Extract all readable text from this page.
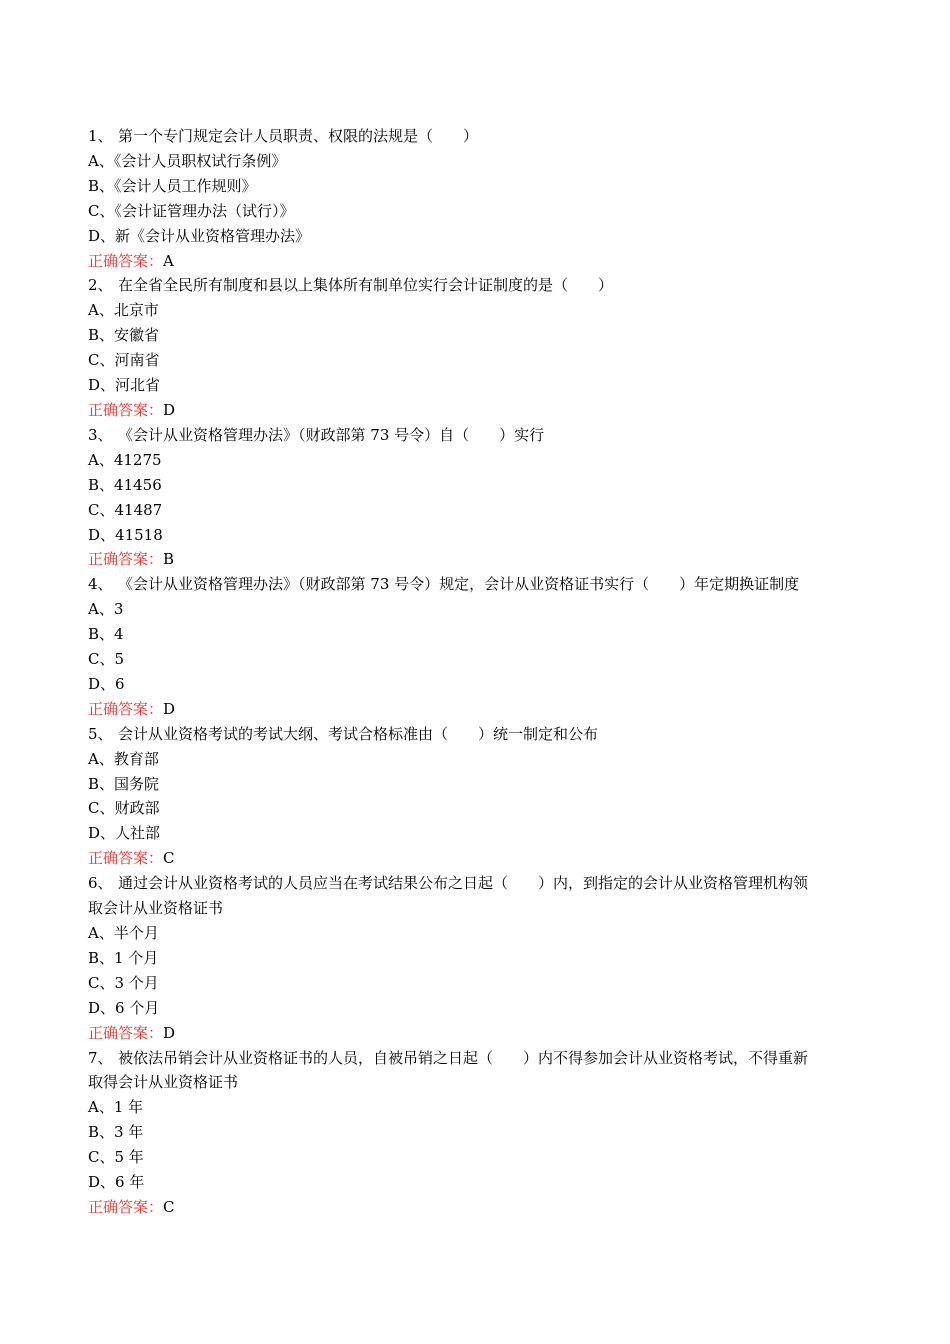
1、 第一个专门规定会计人员职责、权限的法规是（　　）

A、《会计人员职权试行条例》

B、《会计人员工作规则》

C、《会计证管理办法（试行）》

D、新《会计从业资格管理办法》

正确答案：A

2、 在全省全民所有制度和县以上集体所有制单位实行会计证制度的是（　　）

A、北京市

B、安徽省

C、河南省

D、河北省

正确答案：D

3、 《会计从业资格管理办法》（财政部第 73 号令）自（　　）实行

A、41275

B、41456

C、41487

D、41518

正确答案：B

4、 《会计从业资格管理办法》（财政部第 73 号令）规定，会计从业资格证书实行（　　）年定期换证制度

A、3

B、4

C、5

D、6

正确答案：D

5、 会计从业资格考试的考试大纲、考试合格标准由（　　）统一制定和公布

A、教育部

B、国务院

C、财政部

D、人社部

正确答案：C

6、 通过会计从业资格考试的人员应当在考试结果公布之日起（　　）内，到指定的会计从业资格管理机构领

取会计从业资格证书

A、半个月

B、1 个月

C、3 个月

D、6 个月

正确答案：D

7、 被依法吊销会计从业资格证书的人员，自被吊销之日起（　　）内不得参加会计从业资格考试，不得重新

取得会计从业资格证书

A、1 年

B、3 年

C、5 年

D、6 年

正确答案：C
